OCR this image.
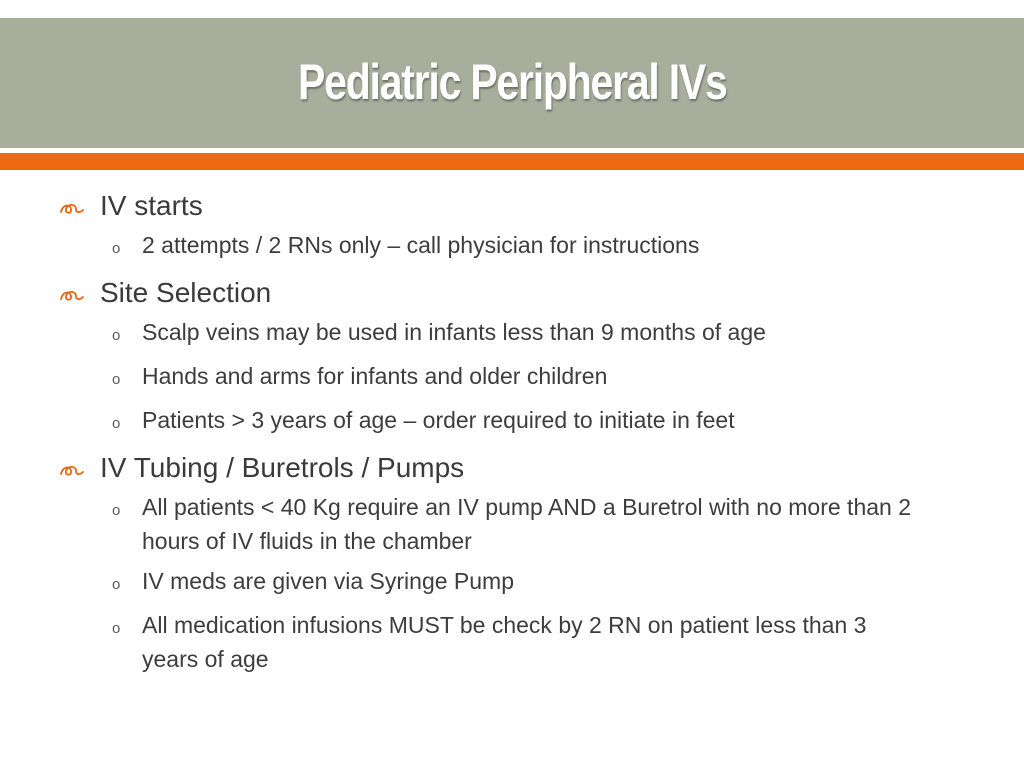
Pediatric Peripheral IVs
IV starts
o 2 attempts / 2 RNs only – call physician for instructions
Site Selection
o Scalp veins may be used in infants less than 9 months of age
o Hands and arms for infants and older children
o Patients > 3 years of age – order required to initiate in feet
IV Tubing / Buretrols / Pumps
o All patients < 40 Kg require an IV pump AND a Buretrol with no more than 2 hours of IV fluids in the chamber
o IV meds are given via Syringe Pump
o All medication infusions MUST be check by 2 RN on patient less than 3 years of age
